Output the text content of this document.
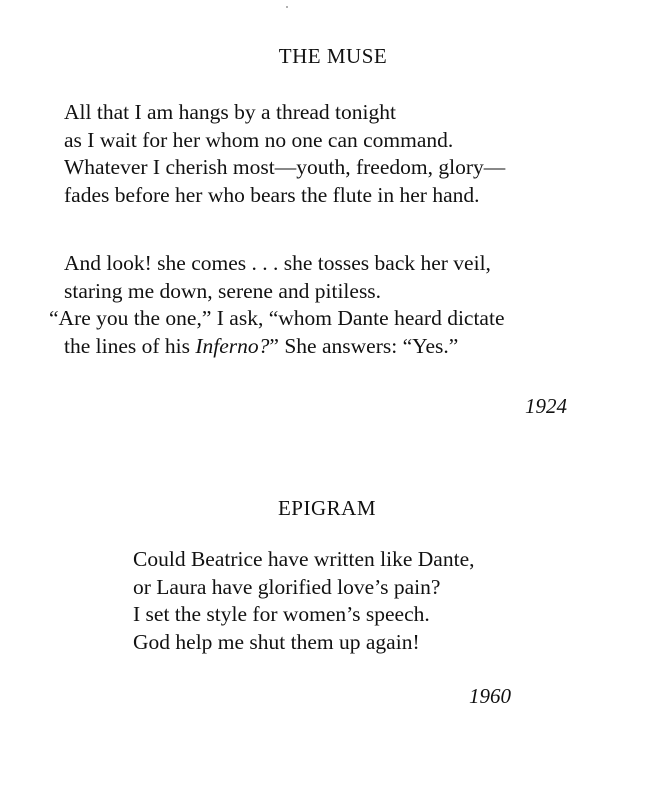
THE MUSE
All that I am hangs by a thread tonight
as I wait for her whom no one can command.
Whatever I cherish most—youth, freedom, glory—
fades before her who bears the flute in her hand.
And look! she comes . . . she tosses back her veil,
staring me down, serene and pitiless.
“Are you the one,” I ask, “whom Dante heard dictate
the lines of his Inferno?” She answers: “Yes.”
1924
EPIGRAM
Could Beatrice have written like Dante,
or Laura have glorified love’s pain?
I set the style for women’s speech.
God help me shut them up again!
1960
